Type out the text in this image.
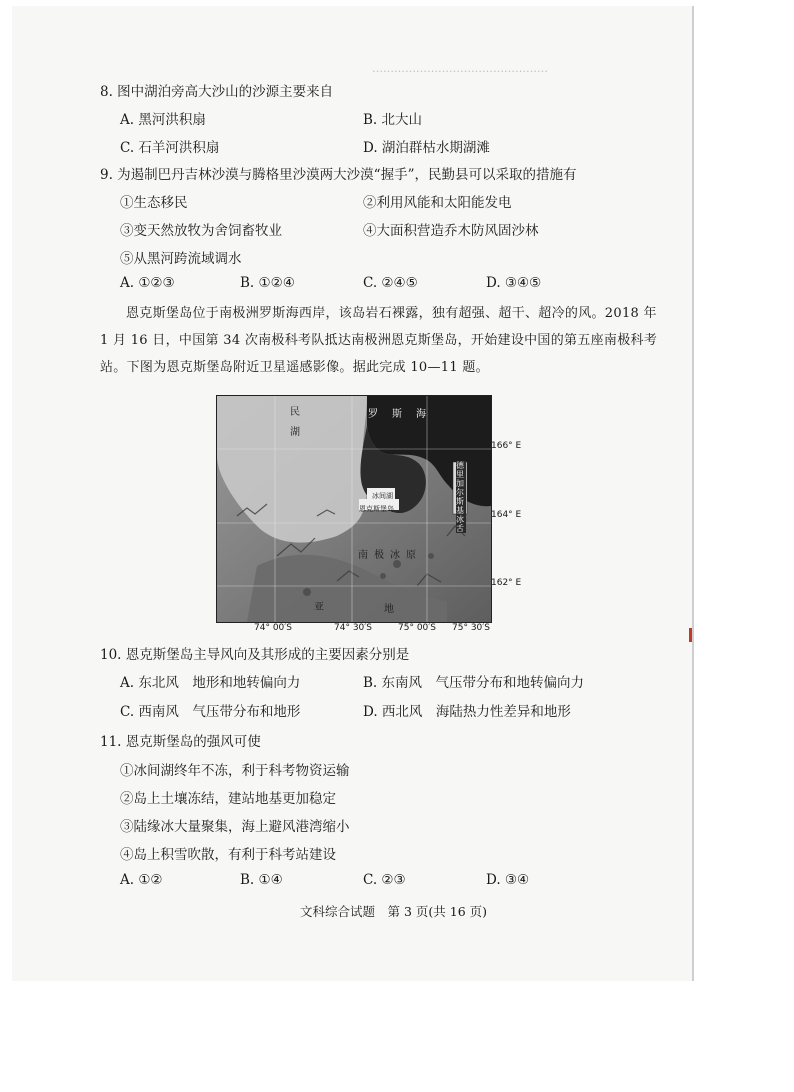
…………………………………………
8. 图中湖泊旁高大沙山的沙源主要来自
A. 黑河洪积扇	B. 北大山
C. 石羊河洪积扇	D. 湖泊群枯水期湖滩
9. 为遏制巴丹吉林沙漠与腾格里沙漠两大沙漠“握手”，民勤县可以采取的措施有
①生态移民	②利用风能和太阳能发电
③变天然放牧为舍饲畜牧业	④大面积营造乔木防风固沙林
⑤从黑河跨流域调水
A. ①②③	B. ①②④	C. ②④⑤	D. ③④⑤
恩克斯堡岛位于南极洲罗斯海西岸，该岛岩石裸露，独有超强、超干、超冷的风。2018 年 1 月 16 日，中国第 34 次南极科考队抵达南极洲恩克斯堡岛，开始建设中国的第五座南极科考站。下图为恩克斯堡岛附近卫星遥感影像。据此完成 10—11 题。
民
湖
罗斯海
冰间湖
恩克斯堡岛
德里加尔斯基冰舌
南极冰原
亚	地
166° E
164° E
162° E
74° 00′S	74° 30′S	75° 00′S 75° 30′S
10. 恩克斯堡岛主导风向及其形成的主要因素分别是
A. 东北风　地形和地转偏向力	B. 东南风　气压带分布和地转偏向力
C. 西南风　气压带分布和地形	D. 西北风　海陆热力性差异和地形
11. 恩克斯堡岛的强风可使
①冰间湖终年不冻，利于科考物资运输
②岛上土壤冻结，建站地基更加稳定
③陆缘冰大量聚集，海上避风港湾缩小
④岛上积雪吹散，有利于科考站建设
A. ①②	B. ①④	C. ②③	D. ③④
文科综合试题　第 3 页(共 16 页)
